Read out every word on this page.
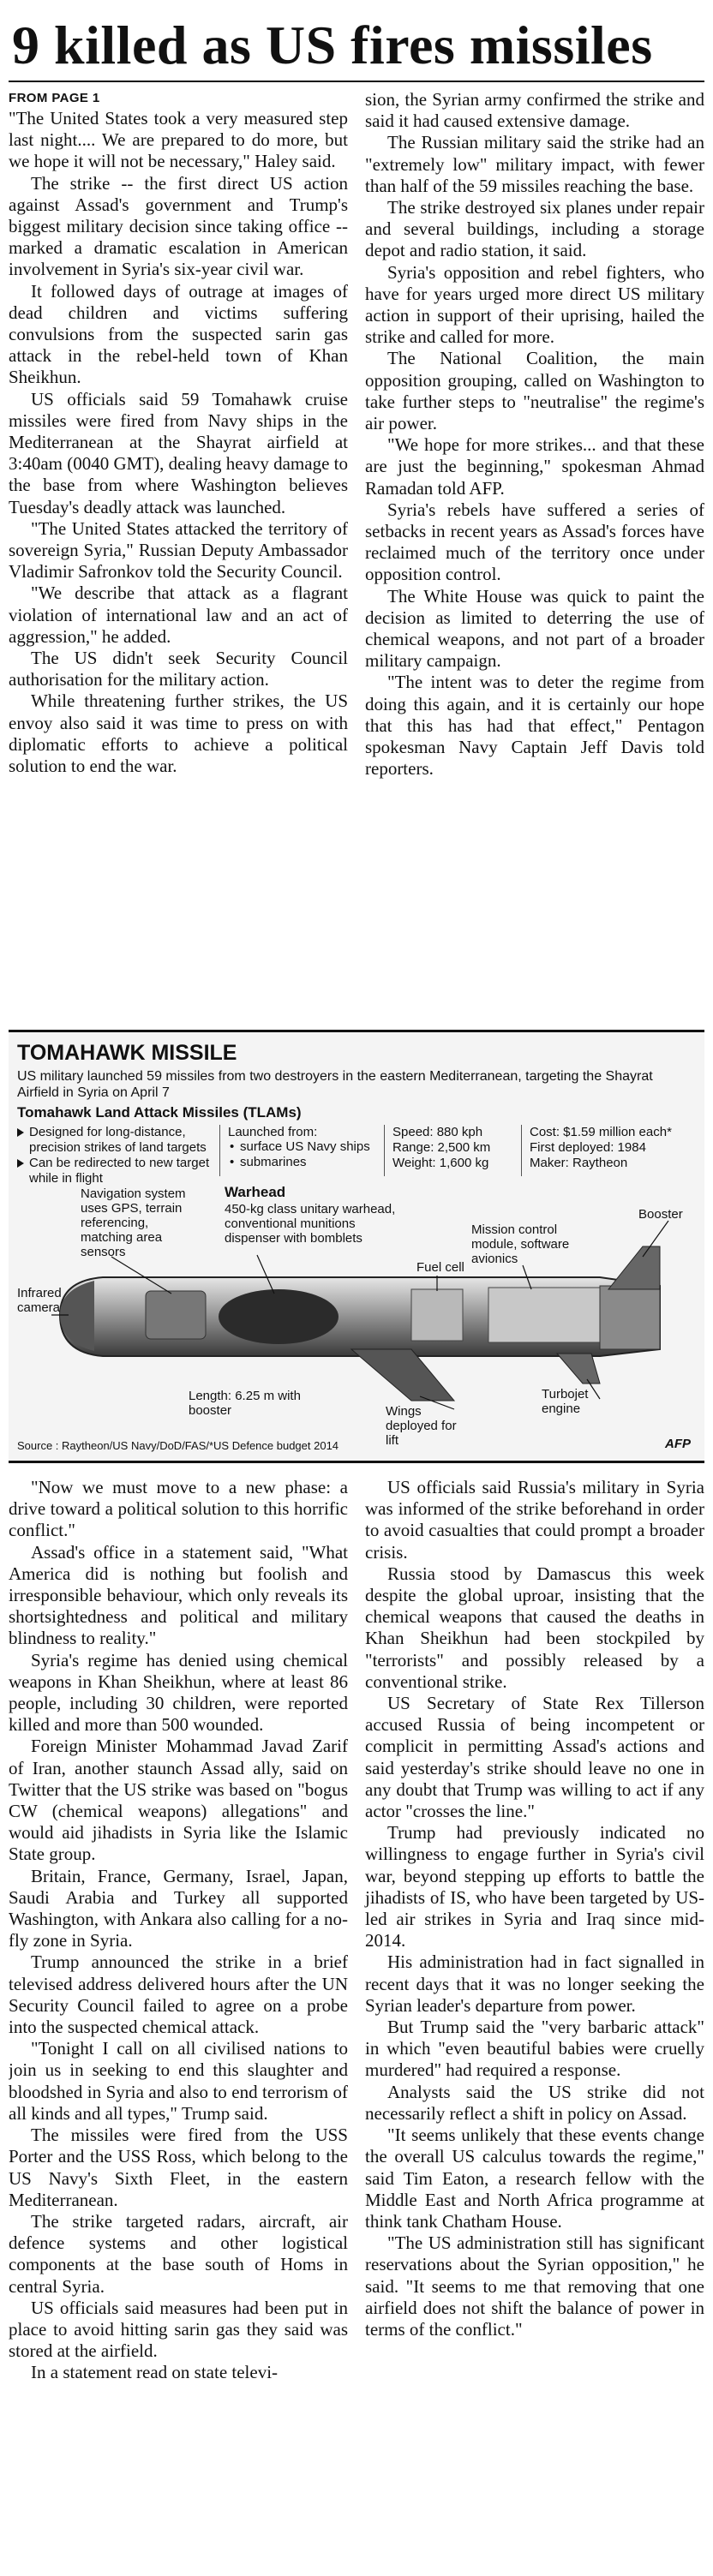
9 killed as US fires missiles

FROM PAGE 1

"The United States took a very measured step last night.... We are prepared to do more, but we hope it will not be necessary," Haley said.

The strike -- the first direct US action against Assad's government and Trump's biggest military decision since taking office -- marked a dramatic escalation in American involvement in Syria's six-year civil war.

It followed days of outrage at images of dead children and victims suffering convulsions from the suspected sarin gas attack in the rebel-held town of Khan Sheikhun.

US officials said 59 Tomahawk cruise missiles were fired from Navy ships in the Mediterranean at the Shayrat airfield at 3:40am (0040 GMT), dealing heavy damage to the base from where Washington believes Tuesday's deadly attack was launched.

"The United States attacked the territory of sovereign Syria," Russian Deputy Ambassador Vladimir Safronkov told the Security Council.

"We describe that attack as a flagrant violation of international law and an act of aggression," he added.

The US didn't seek Security Council authorisation for the military action.

While threatening further strikes, the US envoy also said it was time to press on with diplomatic efforts to achieve a political solution to end the war.

sion, the Syrian army confirmed the strike and said it had caused extensive damage.

The Russian military said the strike had an "extremely low" military impact, with fewer than half of the 59 missiles reaching the base.

The strike destroyed six planes under repair and several buildings, including a storage depot and radio station, it said.

Syria's opposition and rebel fighters, who have for years urged more direct US military action in support of their uprising, hailed the strike and called for more.

The National Coalition, the main opposition grouping, called on Washington to take further steps to "neutralise" the regime's air power.

"We hope for more strikes... and that these are just the beginning," spokesman Ahmad Ramadan told AFP.

Syria's rebels have suffered a series of setbacks in recent years as Assad's forces have reclaimed much of the territory once under opposition control.

The White House was quick to paint the decision as limited to deterring the use of chemical weapons, and not part of a broader military campaign.

"The intent was to deter the regime from doing this again, and it is certainly our hope that this has had that effect," Pentagon spokesman Navy Captain Jeff Davis told reporters.

TOMAHAWK MISSILE

US military launched 59 missiles from two destroyers in the eastern Mediterranean, targeting the Shayrat Airfield in Syria on April 7

Tomahawk Land Attack Missiles (TLAMs)

Designed for long-distance, precision strikes of land targets
Can be redirected to new target while in flight

Launched from:

• surface US Navy ships
• submarines
Speed: 880 kph
Range: 2,500 km
Weight: 1,600 kg
Cost: $1.59 million each*
First deployed: 1984
Maker: Raytheon

Navigation system uses GPS, terrain referencing, matching area sensors

Warhead

450-kg class unitary warhead, conventional munitions dispenser with bomblets

Infrared camera

Mission control module, software avionics

Booster

Fuel cell

Wings deployed for lift

Turbojet engine

Length: 6.25 m with booster

Source : Raytheon/US Navy/DoD/FAS/*US Defence budget 2014	AFP

"Now we must move to a new phase: a drive toward a political solution to this horrific conflict."

Assad's office in a statement said, "What America did is nothing but foolish and irresponsible behaviour, which only reveals its shortsightedness and political and military blindness to reality."

Syria's regime has denied using chemical weapons in Khan Sheikhun, where at least 86 people, including 30 children, were reported killed and more than 500 wounded.

Foreign Minister Mohammad Javad Zarif of Iran, another staunch Assad ally, said on Twitter that the US strike was based on "bogus CW (chemical weapons) allegations" and would aid jihadists in Syria like the Islamic State group.

Britain, France, Germany, Israel, Japan, Saudi Arabia and Turkey all supported Washington, with Ankara also calling for a no-fly zone in Syria.

Trump announced the strike in a brief televised address delivered hours after the UN Security Council failed to agree on a probe into the suspected chemical attack.

"Tonight I call on all civilised nations to join us in seeking to end this slaughter and bloodshed in Syria and also to end terrorism of all kinds and all types," Trump said.

The missiles were fired from the USS Porter and the USS Ross, which belong to the US Navy's Sixth Fleet, in the eastern Mediterranean.

The strike targeted radars, aircraft, air defence systems and other logistical components at the base south of Homs in central Syria.

US officials said measures had been put in place to avoid hitting sarin gas they said was stored at the airfield.

In a statement read on state televi-

US officials said Russia's military in Syria was informed of the strike beforehand in order to avoid casualties that could prompt a broader crisis.

Russia stood by Damascus this week despite the global uproar, insisting that the chemical weapons that caused the deaths in Khan Sheikhun had been stockpiled by "terrorists" and possibly released by a conventional strike.

US Secretary of State Rex Tillerson accused Russia of being incompetent or complicit in permitting Assad's actions and said yesterday's strike should leave no one in any doubt that Trump was willing to act if any actor "crosses the line."

Trump had previously indicated no willingness to engage further in Syria's civil war, beyond stepping up efforts to battle the jihadists of IS, who have been targeted by US-led air strikes in Syria and Iraq since mid-2014.

His administration had in fact signalled in recent days that it was no longer seeking the Syrian leader's departure from power.

But Trump said the "very barbaric attack" in which "even beautiful babies were cruelly murdered" had required a response.

Analysts said the US strike did not necessarily reflect a shift in policy on Assad.

"It seems unlikely that these events change the overall US calculus towards the regime," said Tim Eaton, a research fellow with the Middle East and North Africa programme at think tank Chatham House.

"The US administration still has significant reservations about the Syrian opposition," he said. "It seems to me that removing that one airfield does not shift the balance of power in terms of the conflict."
